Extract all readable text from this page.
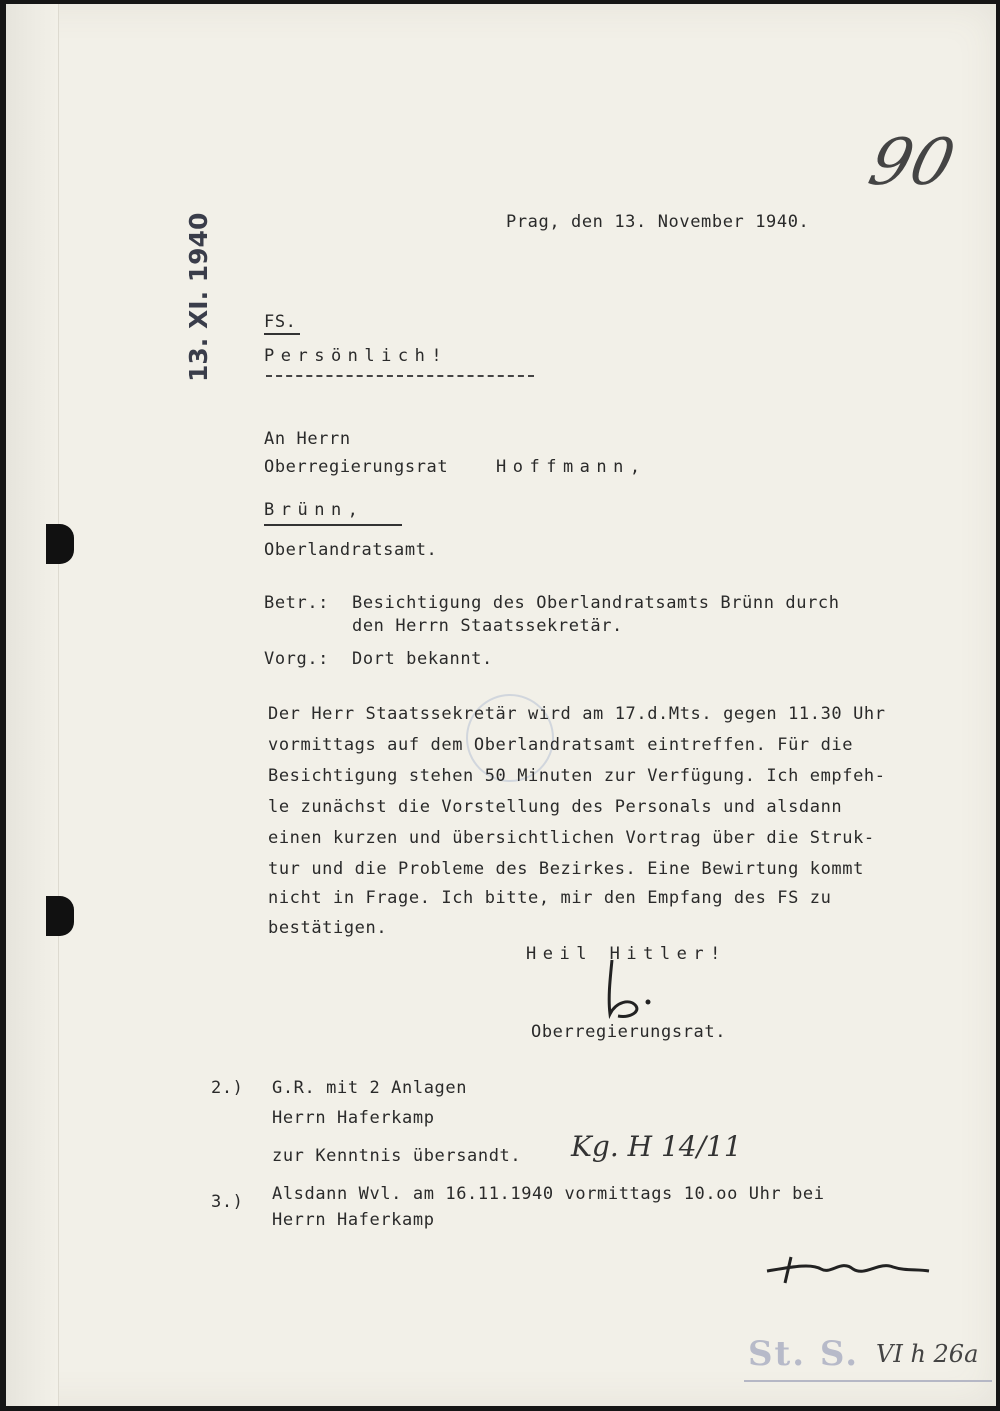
90
13. XI. 1940	Prag, den 13. November 1940.
FS.
Persönlich!
An Herrn
Oberregierungsrat	Hoffmann,
Brünn,
Oberlandratsamt.
Betr.: Besichtigung des Oberlandratsamts Brünn durch
den Herrn Staatssekretär.
Vorg.: Dort bekannt.
Der Herr Staatssekretär wird am 17.d.Mts. gegen 11.30 Uhr
vormittags auf dem Oberlandratsamt eintreffen. Für die
Besichtigung stehen 50 Minuten zur Verfügung. Ich empfeh-
le zunächst die Vorstellung des Personals und alsdann
einen kurzen und übersichtlichen Vortrag über die Struk-
tur und die Probleme des Bezirkes. Eine Bewirtung kommt
nicht in Frage. Ich bitte, mir den Empfang des FS zu
bestätigen.
Heil Hitler!
Oberregierungsrat.
2.) G.R. mit 2 Anlagen
Herrn Haferkamp
zur Kenntnis übersandt. Kg. H 14/11
3.) Alsdann Wvl. am 16.11.1940 vormittags 10.oo Uhr bei
Herrn Haferkamp
St. S. VI h 26a
